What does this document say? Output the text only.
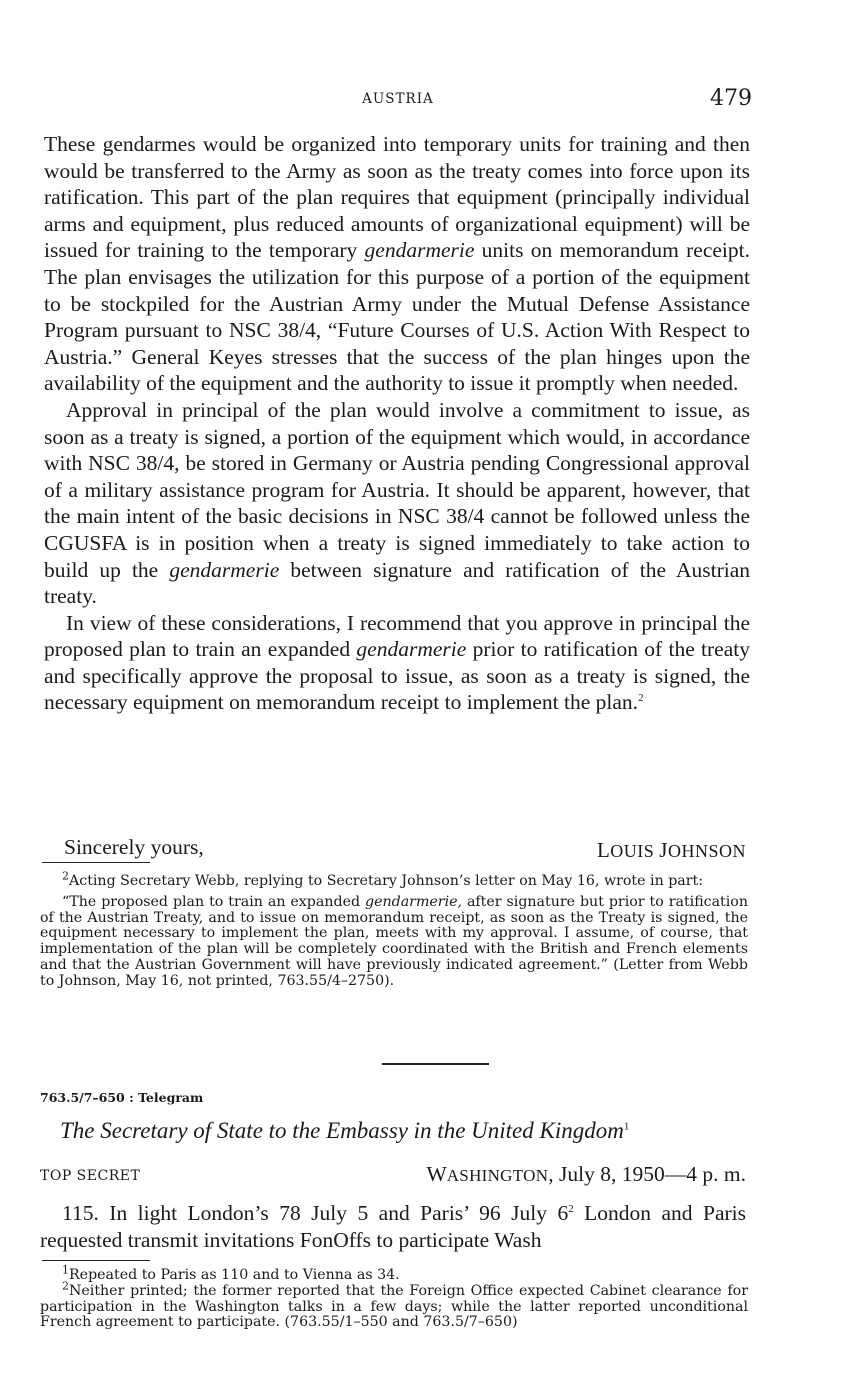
AUSTRIA	479

These gendarmes would be organized into temporary units for training and then would be transferred to the Army as soon as the treaty comes into force upon its ratification. This part of the plan requires that equipment (principally individual arms and equipment, plus reduced amounts of organizational equipment) will be issued for training to the temporary gendarmerie units on memorandum receipt. The plan envisages the utilization for this purpose of a portion of the equipment to be stockpiled for the Austrian Army under the Mutual Defense Assistance Program pursuant to NSC 38/4, “Future Courses of U.S. Action With Respect to Austria.” General Keyes stresses that the success of the plan hinges upon the availability of the equipment and the authority to issue it promptly when needed.

Approval in principal of the plan would involve a commitment to issue, as soon as a treaty is signed, a portion of the equipment which would, in accordance with NSC 38/4, be stored in Germany or Austria pending Congressional approval of a military assistance program for Austria. It should be apparent, however, that the main intent of the basic decisions in NSC 38/4 cannot be followed unless the CGUSFA is in position when a treaty is signed immediately to take action to build up the gendarmerie between signature and ratification of the Austrian treaty.

In view of these considerations, I recommend that you approve in principal the proposed plan to train an expanded gendarmerie prior to ratification of the treaty and specifically approve the proposal to issue, as soon as a treaty is signed, the necessary equipment on memorandum receipt to implement the plan.$^2$

Sincerely yours,	LOUIS JOHNSON

$^2$Acting Secretary Webb, replying to Secretary Johnson’s letter on May 16, wrote in part:

“The proposed plan to train an expanded gendarmerie, after signature but prior to ratification of the Austrian Treaty, and to issue on memorandum receipt, as soon as the Treaty is signed, the equipment necessary to implement the plan, meets with my approval. I assume, of course, that implementation of the plan will be completely coordinated with the British and French elements and that the Austrian Government will have previously indicated agreement.” (Letter from Webb to Johnson, May 16, not printed, 763.55/4–2750).

763.5/7–650 : Telegram
The Secretary of State to the Embassy in the United Kingdom$^1$
TOP SECRET	WASHINGTON, July 8, 1950—4 p. m.

115. In light London’s 78 July 5 and Paris’ 96 July $6^2$ London and Paris requested transmit invitations FonOffs to participate Wash

$^1$Repeated to Paris as 110 and to Vienna as 34.

$^2$Neither printed; the former reported that the Foreign Office expected Cabinet clearance for participation in the Washington talks in a few days; while the latter reported unconditional French agreement to participate. (763.55/1–550 and 763.5/7–650)
